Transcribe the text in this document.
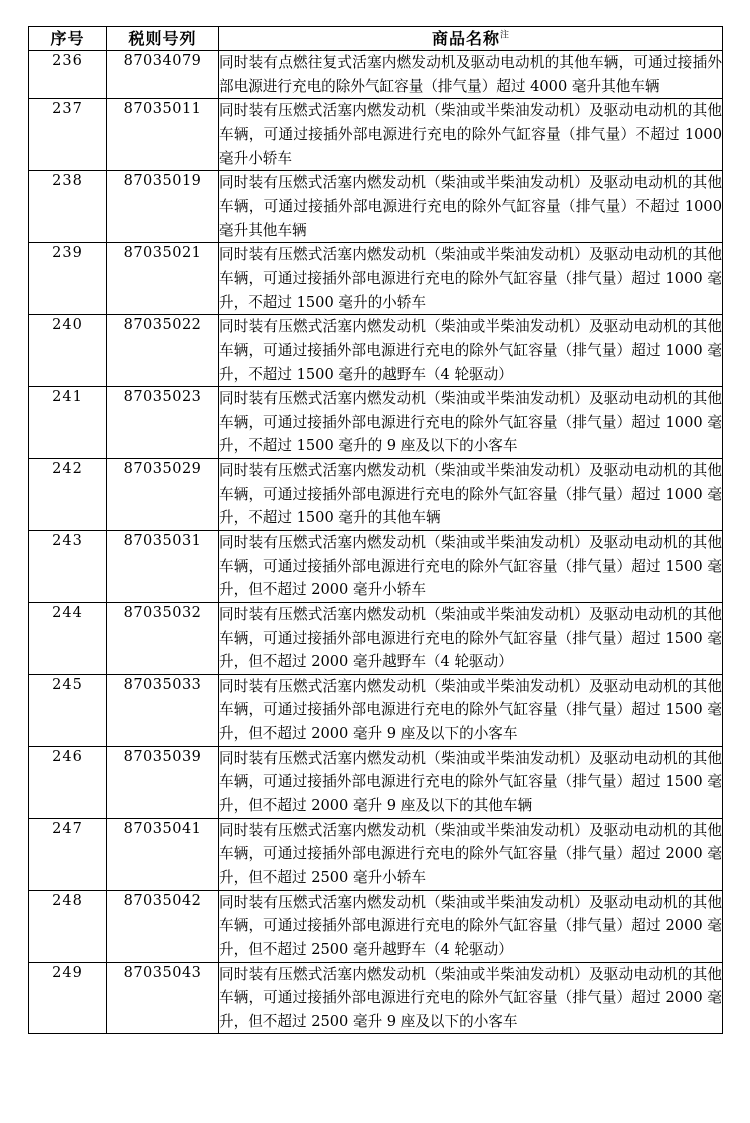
序号	税则号列	商品名称$^注$
236	87034079	同时装有点燃往复式活塞内燃发动机及驱动电动机的其他车辆，可通过接插外部电源进行充电的除外气缸容量（排气量）超过 4000 毫升其他车辆
237	87035011	同时装有压燃式活塞内燃发动机（柴油或半柴油发动机）及驱动电动机的其他车辆，可通过接插外部电源进行充电的除外气缸容量（排气量）不超过 1000 毫升小轿车
238	87035019	同时装有压燃式活塞内燃发动机（柴油或半柴油发动机）及驱动电动机的其他车辆，可通过接插外部电源进行充电的除外气缸容量（排气量）不超过 1000 毫升其他车辆
239	87035021	同时装有压燃式活塞内燃发动机（柴油或半柴油发动机）及驱动电动机的其他车辆，可通过接插外部电源进行充电的除外气缸容量（排气量）超过 1000 毫升，不超过 1500 毫升的小轿车
240	87035022	同时装有压燃式活塞内燃发动机（柴油或半柴油发动机）及驱动电动机的其他车辆，可通过接插外部电源进行充电的除外气缸容量（排气量）超过 1000 毫升，不超过 1500 毫升的越野车（4 轮驱动）
241	87035023	同时装有压燃式活塞内燃发动机（柴油或半柴油发动机）及驱动电动机的其他车辆，可通过接插外部电源进行充电的除外气缸容量（排气量）超过 1000 毫升，不超过 1500 毫升的 9 座及以下的小客车
242	87035029	同时装有压燃式活塞内燃发动机（柴油或半柴油发动机）及驱动电动机的其他车辆，可通过接插外部电源进行充电的除外气缸容量（排气量）超过 1000 毫升，不超过 1500 毫升的其他车辆
243	87035031	同时装有压燃式活塞内燃发动机（柴油或半柴油发动机）及驱动电动机的其他车辆，可通过接插外部电源进行充电的除外气缸容量（排气量）超过 1500 毫升，但不超过 2000 毫升小轿车
244	87035032	同时装有压燃式活塞内燃发动机（柴油或半柴油发动机）及驱动电动机的其他车辆，可通过接插外部电源进行充电的除外气缸容量（排气量）超过 1500 毫升，但不超过 2000 毫升越野车（4 轮驱动）
245	87035033	同时装有压燃式活塞内燃发动机（柴油或半柴油发动机）及驱动电动机的其他车辆，可通过接插外部电源进行充电的除外气缸容量（排气量）超过 1500 毫升，但不超过 2000 毫升 9 座及以下的小客车
246	87035039	同时装有压燃式活塞内燃发动机（柴油或半柴油发动机）及驱动电动机的其他车辆，可通过接插外部电源进行充电的除外气缸容量（排气量）超过 1500 毫升，但不超过 2000 毫升 9 座及以下的其他车辆
247	87035041	同时装有压燃式活塞内燃发动机（柴油或半柴油发动机）及驱动电动机的其他车辆，可通过接插外部电源进行充电的除外气缸容量（排气量）超过 2000 毫升，但不超过 2500 毫升小轿车
248	87035042	同时装有压燃式活塞内燃发动机（柴油或半柴油发动机）及驱动电动机的其他车辆，可通过接插外部电源进行充电的除外气缸容量（排气量）超过 2000 毫升，但不超过 2500 毫升越野车（4 轮驱动）
249	87035043	同时装有压燃式活塞内燃发动机（柴油或半柴油发动机）及驱动电动机的其他车辆，可通过接插外部电源进行充电的除外气缸容量（排气量）超过 2000 毫升，但不超过 2500 毫升 9 座及以下的小客车
